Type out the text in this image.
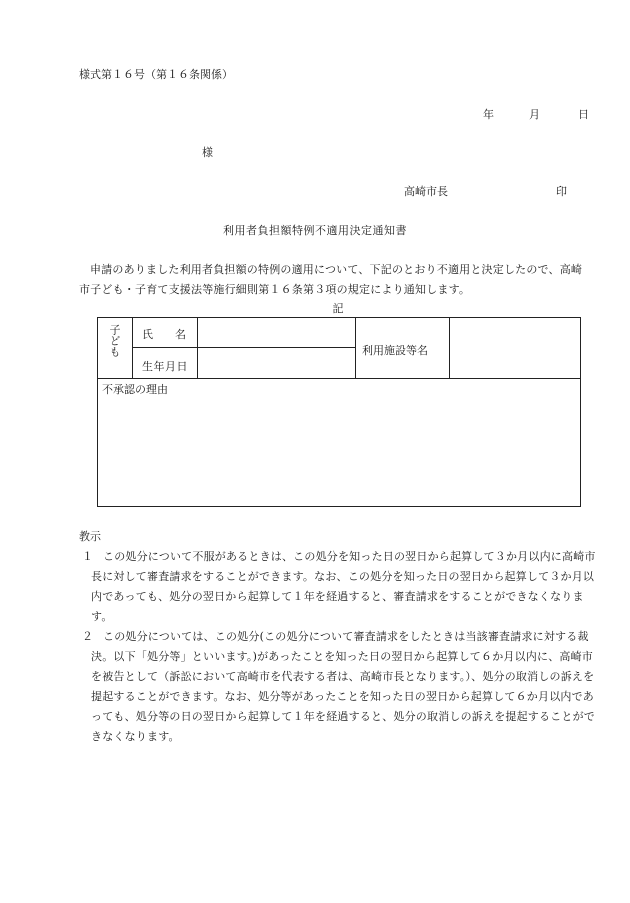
様式第１６号（第１６条関係）
年	月	日
様
高崎市長	印
利用者負担額特例不適用決定通知書
申請のありました利用者負担額の特例の適用について、下記のとおり不適用と決定したので、高崎市子ども・子育て支援法等施行細則第１６条第３項の規定により通知します。
記
子ども 氏 名
生年月日
利用施設等名
不承認の理由
教示
１ この処分について不服があるときは、この処分を知った日の翌日から起算して３か月以内に高崎市長に対して審査請求をすることができます。なお、この処分を知った日の翌日から起算して３か月以内であっても、処分の翌日から起算して１年を経過すると、審査請求をすることができなくなります。
２ この処分については、この処分(この処分について審査請求をしたときは当該審査請求に対する裁決。以下「処分等」といいます。)があったことを知った日の翌日から起算して６か月以内に、高崎市を被告として（訴訟において高崎市を代表する者は、高崎市長となります。）、処分の取消しの訴えを提起することができます。なお、処分等があったことを知った日の翌日から起算して６か月以内であっても、処分等の日の翌日から起算して１年を経過すると、処分の取消しの訴えを提起することができなくなります。
